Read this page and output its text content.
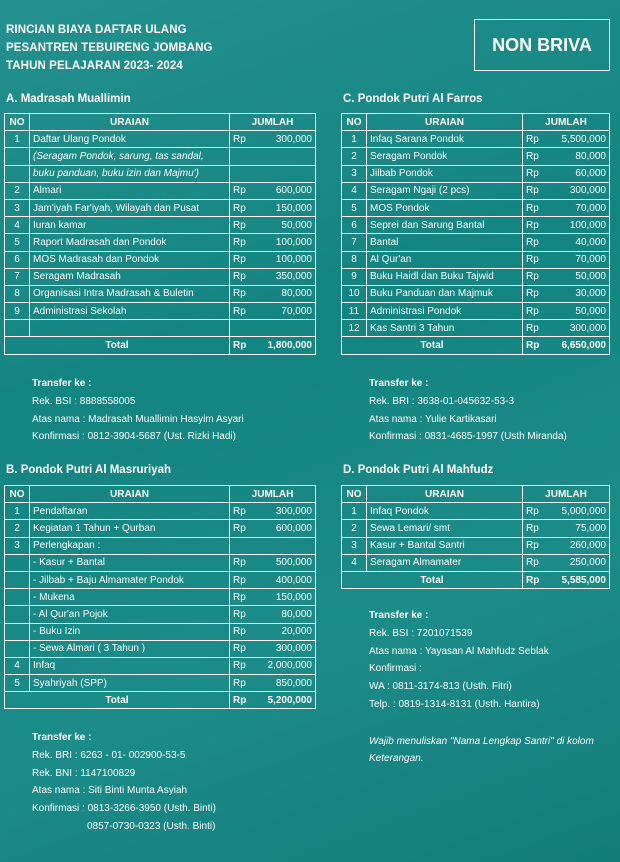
RINCIAN BIAYA DAFTAR ULANG
PESANTREN TEBUIRENG JOMBANG
TAHUN PELAJARAN 2023- 2024
NON BRIVA
A. Madrasah Muallimin
NO	URAIAN	JUMLAH	
1	Daftar Ulang Pondok	Rp	300,000
	(Seragam Pondok, sarung, tas sandal,		
	buku panduan, buku izin dan Majmu')		
2	Almari	Rp	600,000
3	Jam'iyah Far'iyah, Wilayah dan Pusat	Rp	150,000
4	Iuran kamar	Rp	50,000
5	Raport Madrasah dan Pondok	Rp	100,000
6	MOS Madrasah dan Pondok	Rp	100,000
7	Seragam Madrasah	Rp	350,000
8	Organisasi Intra Madrasah & Buletin	Rp	80,000
9	Administrasi Sekolah	Rp	70,000

Total		Rp	1,800,000
Transfer ke :
Rek. BSI : 8888558005
Atas nama : Madrasah Muallimin Hasyim Asyari
Konfirmasi : 0812-3904-5687 (Ust. Rizki Hadi)
B. Pondok Putri Al Masruriyah
NO	URAIAN	JUMLAH	
1	Pendaftaran	Rp	300,000
2	Kegiatan 1 Tahun + Qurban	Rp	600,000
3	Perlengkapan :		
	- Kasur + Bantal	Rp	500,000
	- Jilbab + Baju Almamater Pondok	Rp	400,000
	- Mukena	Rp	150,000
	- Al Qur'an Pojok	Rp	80,000
	- Buku Izin	Rp	20,000
	- Sewa Almari ( 3 Tahun )	Rp	300,000
4	Infaq	Rp	2,000,000
5	Syahriyah (SPP)	Rp	850,000
Total		Rp	5,200,000
Transfer ke :
Rek. BRI : 6263 - 01- 002900-53-5
Rek. BNI : 1147100829
Atas nama : Siti Binti Munta Asyiah
Konfirmasi : 0813-3266-3950 (Usth. Binti)
0857-0730-0323 (Usth. Binti)
C. Pondok Putri Al Farros
NO	URAIAN	JUMLAH	
1	Infaq Sarana Pondok	Rp	5,500,000
2	Seragam Pondok	Rp	80,000
3	Jilbab Pondok	Rp	60,000
4	Seragam Ngaji (2 pcs)	Rp	300,000
5	MOS Pondok	Rp	70,000
6	Seprei dan Sarung Bantal	Rp	100,000
7	Bantal	Rp	40,000
8	Al Qur'an	Rp	70,000
9	Buku Haidl dan Buku Tajwid	Rp	50,000
10	Buku Panduan dan Majmuk	Rp	30,000
11	Administrasi Pondok	Rp	50,000
12	Kas Santri 3 Tahun	Rp	300,000
Total		Rp	6,650,000
Transfer ke :
Rek. BRI : 3638-01-045632-53-3
Atas nama : Yulie Kartikasari
Konfirmasi : 0831-4685-1997 (Usth Miranda)
D. Pondok Putri Al Mahfudz
NO	URAIAN	JUMLAH	
1	Infaq Pondok	Rp	5,000,000
2	Sewa Lemari/ smt	Rp	75,000
3	Kasur + Bantal Santri	Rp	260,000
4	Seragam Almamater	Rp	250,000
Total		Rp	5,585,000
Transfer ke :
Rek. BSI : 7201071539
Atas nama : Yayasan Al Mahfudz Seblak
Konfirmasi :
WA : 0811-3174-813 (Usth. Fitri)
Telp. : 0819-1314-8131 (Usth. Hantira)
Wajib menuliskan "Nama Lengkap Santri" di kolom
Keterangan.
